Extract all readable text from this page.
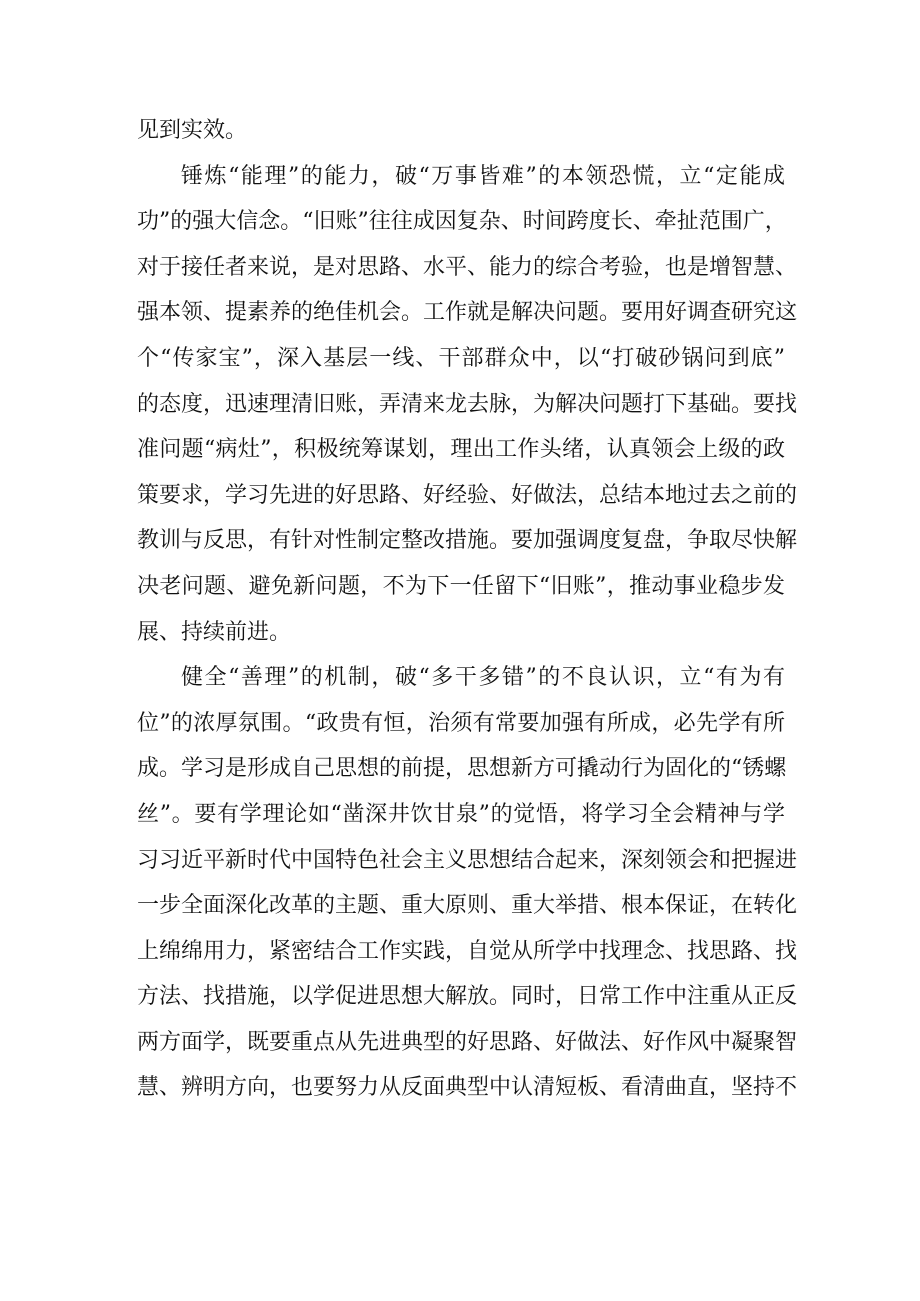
见到实效。
锤炼“能理”的能力，破“万事皆难”的本领恐慌，立“定能成
功”的强大信念。“旧账”往往成因复杂、时间跨度长、牵扯范围广，
对于接任者来说，是对思路、水平、能力的综合考验，也是增智慧、
强本领、提素养的绝佳机会。工作就是解决问题。要用好调查研究这
个“传家宝”，深入基层一线、干部群众中，以“打破砂锅问到底”
的态度，迅速理清旧账，弄清来龙去脉，为解决问题打下基础。要找
准问题“病灶”，积极统筹谋划，理出工作头绪，认真领会上级的政
策要求，学习先进的好思路、好经验、好做法，总结本地过去之前的
教训与反思，有针对性制定整改措施。要加强调度复盘，争取尽快解
决老问题、避免新问题，不为下一任留下“旧账”，推动事业稳步发
展、持续前进。
健全“善理”的机制，破“多干多错”的不良认识，立“有为有
位”的浓厚氛围。“政贵有恒，治须有常要加强有所成，必先学有所
成。学习是形成自己思想的前提，思想新方可撬动行为固化的“锈螺
丝”。要有学理论如“凿深井饮甘泉”的觉悟，将学习全会精神与学
习习近平新时代中国特色社会主义思想结合起来，深刻领会和把握进
一步全面深化改革的主题、重大原则、重大举措、根本保证，在转化
上绵绵用力，紧密结合工作实践，自觉从所学中找理念、找思路、找
方法、找措施，以学促进思想大解放。同时，日常工作中注重从正反
两方面学，既要重点从先进典型的好思路、好做法、好作风中凝聚智
慧、辨明方向，也要努力从反面典型中认清短板、看清曲直，坚持不
